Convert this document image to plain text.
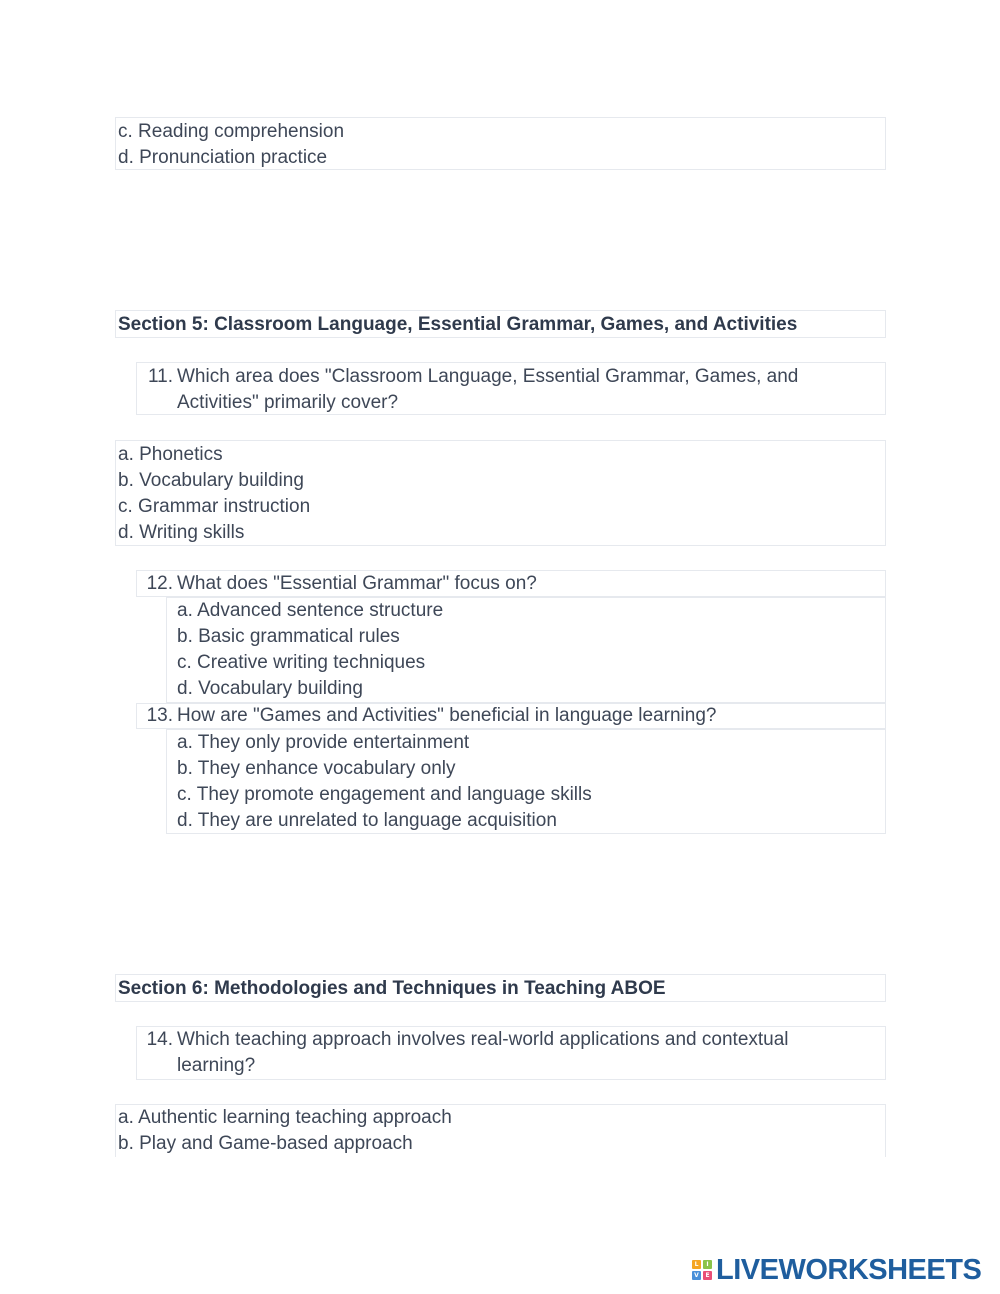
c. Reading comprehension
d. Pronunciation practice
Section 5: Classroom Language, Essential Grammar, Games, and Activities
11. Which area does "Classroom Language, Essential Grammar, Games, and
Activities" primarily cover?
a. Phonetics
b. Vocabulary building
c. Grammar instruction
d. Writing skills
12. What does "Essential Grammar" focus on?
a. Advanced sentence structure
b. Basic grammatical rules
c. Creative writing techniques
d. Vocabulary building
13. How are "Games and Activities" beneficial in language learning?
a. They only provide entertainment
b. They enhance vocabulary only
c. They promote engagement and language skills
d. They are unrelated to language acquisition
Section 6: Methodologies and Techniques in Teaching ABOE
14. Which teaching approach involves real-world applications and contextual
learning?
a. Authentic learning teaching approach
b. Play and Game-based approach
L	I
V	E LIVEWORKSHEETS
